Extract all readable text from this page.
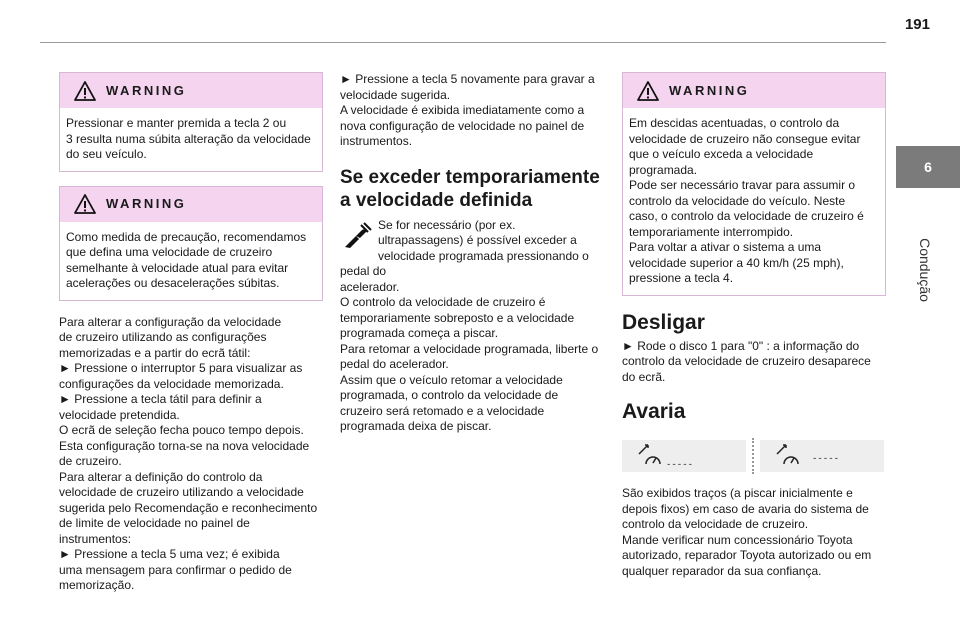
191
6
Condução
WARNING
Pressionar e manter premida a tecla 2 ou
3 resulta numa súbita alteração da velocidade
do seu veículo.
WARNING
Como medida de precaução, recomendamos
que defina uma velocidade de cruzeiro
semelhante à velocidade atual para evitar
acelerações ou desacelerações súbitas.
Para alterar a configuração da velocidade
de cruzeiro utilizando as configurações
memorizadas e a partir do ecrã tátil:
► Pressione o interruptor 5 para visualizar as
configurações da velocidade memorizada.
► Pressione a tecla tátil para definir a
velocidade pretendida.
O ecrã de seleção fecha pouco tempo depois.
Esta configuração torna-se na nova velocidade
de cruzeiro.
Para alterar a definição do controlo da
velocidade de cruzeiro utilizando a velocidade
sugerida pelo Recomendação e reconhecimento
de limite de velocidade no painel de
instrumentos:
► Pressione a tecla 5 uma vez; é exibida
uma mensagem para confirmar o pedido de
memorização.
► Pressione a tecla 5 novamente para gravar a
velocidade sugerida.
A velocidade é exibida imediatamente como a
nova configuração de velocidade no painel de
instrumentos.
Se exceder temporariamente
a velocidade definida
Se for necessário (por ex.
ultrapassagens) é possível exceder a
velocidade programada pressionando o pedal do
acelerador.
O controlo da velocidade de cruzeiro é
temporariamente sobreposto e a velocidade
programada começa a piscar.
Para retomar a velocidade programada, liberte o
pedal do acelerador.
Assim que o veículo retomar a velocidade
programada, o controlo da velocidade de
cruzeiro será retomado e a velocidade
programada deixa de piscar.
WARNING
Em descidas acentuadas, o controlo da
velocidade de cruzeiro não consegue evitar
que o veículo exceda a velocidade
programada.
Pode ser necessário travar para assumir o
controlo da velocidade do veículo. Neste
caso, o controlo da velocidade de cruzeiro é
temporariamente interrompido.
Para voltar a ativar o sistema a uma
velocidade superior a 40 km/h (25 mph),
pressione a tecla 4.
Desligar
► Rode o disco 1 para "0" : a informação do
controlo da velocidade de cruzeiro desaparece
do ecrã.
Avaria
-----
-----
São exibidos traços (a piscar inicialmente e
depois fixos) em caso de avaria do sistema de
controlo da velocidade de cruzeiro.
Mande verificar num concessionário Toyota
autorizado, reparador Toyota autorizado ou em
qualquer reparador da sua confiança.
